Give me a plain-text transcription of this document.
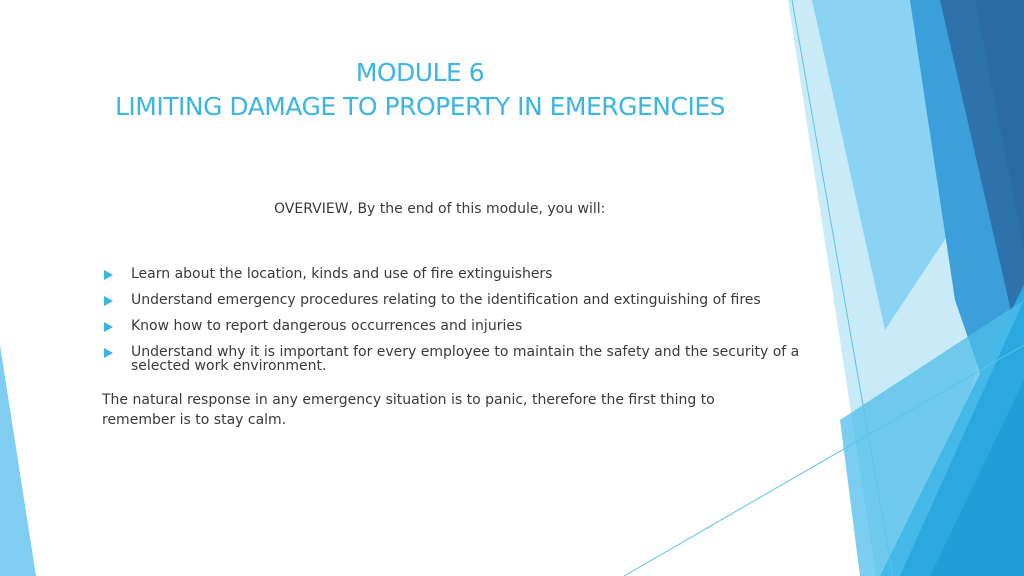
MODULE 6
LIMITING DAMAGE TO PROPERTY IN EMERGENCIES
OVERVIEW, By the end of this module, you will:
Learn about the location, kinds and use of fire extinguishers
Understand emergency procedures relating to the identification and extinguishing of fires
Know how to report dangerous occurrences and injuries
Understand why it is important for every employee to maintain the safety and the security of a selected work environment.
The natural response in any emergency situation is to panic, therefore the first thing to remember is to stay calm.
